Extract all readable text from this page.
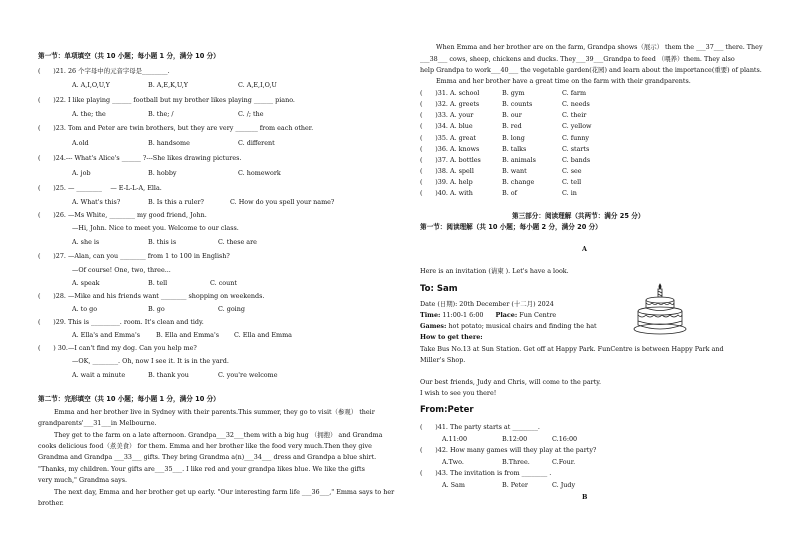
第一节：单项填空（共 10 小题；每小题 1 分，满分 10 分）
(　　)21. 26 个字母中的元音字母是________.
A. A,I,O,U,Y	B. A,E,K,U,Y	C. A,E,I,O,U
(　　)22. I like playing ______ football but my brother likes playing ______ piano.
A. the; the	B. the; /	C. /; the
(　　)23. Tom and Peter are twin brothers, but they are very _______ from each other.
A.old	B. handsome	C. different
(　　)24.--- What's Alice's ______ ?---She likes drawing pictures.
A. job	B. hobby	C. homework
(　　)25. — ________ 　— E-L-L-A, Ella.
A. What's this?	B. Is this a ruler?	C. How do you spell your name?
(　　)26. —Ms White, ________ my good friend, John.
—Hi, John. Nice to meet you. Welcome to our class.
A. she is	B. this is	C. these are
(　　)27. —Alan, can you ________ from 1 to 100 in English?
—Of course! One, two, three...
A. speak	B. tell	C. count
(　　)28. —Mike and his friends want ________ shopping on weekends.
A. to go	B. go	C. going
(　　)29. This is _________. room. It's clean and tidy.
A. Ella's and Emma's	B. Ella and Emma's C. Ella and Emma
(　　) 30.—I can't find my dog. Can you help me?
—OK, ________. Oh, now I see it. It is in the yard.
A. wait a minute	B. thank you	C. you're welcome
第二节：完形填空（共 10 小题；每小题 1 分，满分 10 分）
Emma and her brother live in Sydney with their parents.This summer, they go to visit（参观） their
grandparents'___31___in Melbourne.
They get to the farm on a late afternoon. Grandpa___32___them with a big hug （拥抱） and Grandma
cooks delicious food（煮美食） for them. Emma and her brother like the food very much.Then they give
Grandma and Grandpa ___33___ gifts. They bring Grandma a(n)___34___ dress and Grandpa a blue shirt.
"Thanks, my children. Your gifts are___35___. I like red and your grandpa likes blue. We like the gifts
very much," Grandma says.
The next day, Emma and her brother get up early. "Our interesting farm life ___36___," Emma says to her
brother.
When Emma and her brother are on the farm, Grandpa shows（展示） them the ___37___ there. They
___38___ cows, sheep, chickens and ducks. They___39___Grandpa to feed （喂养）them. They also
help Grandpa to work___40___ the vegetable garden(花园) and learn about the importance(重要) of plants.
Emma and her brother have a great time on the farm with their grandparents.
(　　)31. A. school	B. gym	C. farm
(　　)32. A. greets	B. counts	C. needs
(　　)33. A. your	B. our	C. their
(　　)34. A. blue	B. red	C. yellow
(　　)35. A. great	B. long	C. funny
(　　)36. A. knows	B. talks	C. starts
(　　)37. A. bottles	B. animals	C. bands
(　　)38. A. spell	B. want	C. see
(　　)39. A. help	B. change	C. tell
(　　)40. A. with	B. of	C. in
第三部分：阅读理解（共两节：满分 25 分）
第一节：阅读理解（共 10 小题；每小题 2 分，满分 20 分）
A
Here is an invitation (请柬 ). Let's have a look.
To: Sam
Date (日期): 20th December (十二月) 2024
Time: 11:00-1 6:00 Place: Fun Centre
Games: hot potato; musical chairs and finding the hat
How to get there:
Take Bus No.13 at Sun Station. Get off at Happy Park. FunCentre is between Happy Park and
Miller’s Shop.
Our best friends, Judy and Chris, will come to the party.
I wish to see you there!
From:Peter
(　　)41. The party starts at ________.
A.11:00	B.12:00	C.16:00
(　　)42. How many games will they play at the party?
A.Two.	B.Three.	C.Four.
(　　)43. The invitation is from ________ .
A. Sam	B. Peter	C. Judy
B
